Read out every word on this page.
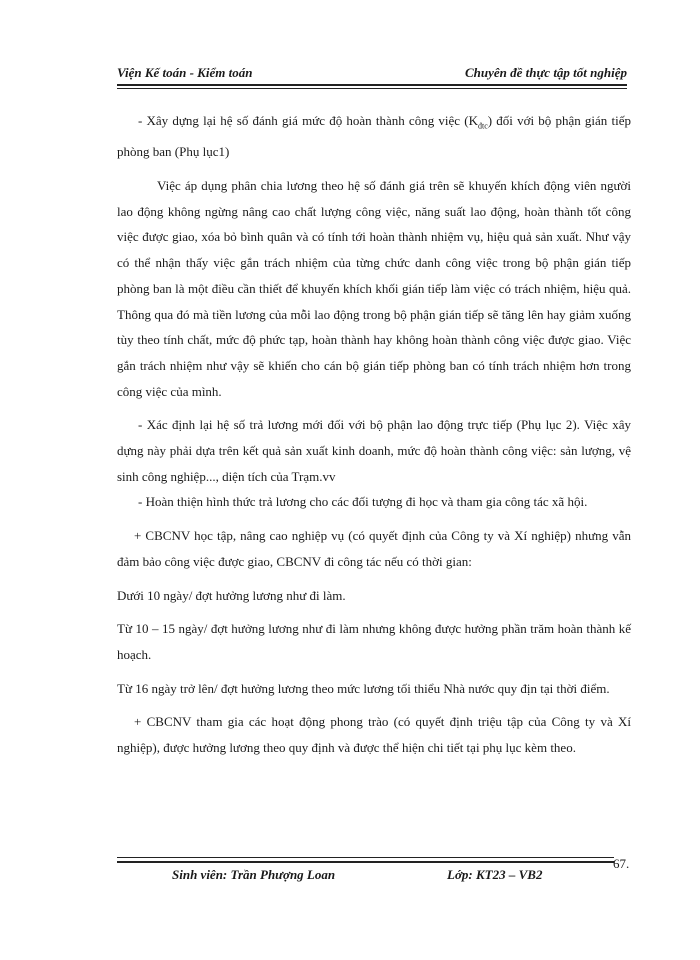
Viện Kế toán - Kiểm toán	Chuyên đề thực tập tốt nghiệp

- Xây dựng lại hệ số đánh giá mức độ hoàn thành công việc $(K_{đtc})$ đối với bộ phận gián tiếp phòng ban (Phụ lục1)

Việc áp dụng phân chia lương theo hệ số đánh giá trên sẽ khuyến khích động viên người lao động không ngừng nâng cao chất lượng công việc, năng suất lao động, hoàn thành tốt công việc được giao, xóa bỏ bình quân và có tính tới hoàn thành nhiệm vụ, hiệu quả sản xuất. Như vậy có thể nhận thấy việc gắn trách nhiệm của từng chức danh công việc trong bộ phận gián tiếp phòng ban là một điều cần thiết để khuyến khích khối gián tiếp làm việc có trách nhiệm, hiệu quả. Thông qua đó mà tiền lương của mỗi lao động trong bộ phận gián tiếp sẽ tăng lên hay giảm xuống tùy theo tính chất, mức độ phức tạp, hoàn thành hay không hoàn thành công việc được giao. Việc gắn trách nhiệm như vậy sẽ khiến cho cán bộ gián tiếp phòng ban có tính trách nhiệm hơn trong công việc của mình.

- Xác định lại hệ số trả lương mới đối với bộ phận lao động trực tiếp (Phụ lục 2). Việc xây dựng này phải dựa trên kết quả sản xuất kinh doanh, mức độ hoàn thành công việc: sản lượng, vệ sinh công nghiệp..., diện tích của Trạm.vv

- Hoàn thiện hình thức trả lương cho các đối tượng đi học và tham gia công tác xã hội.

+ CBCNV học tập, nâng cao nghiệp vụ (có quyết định của Công ty và Xí nghiệp) nhưng vẫn đảm bảo công việc được giao, CBCNV đi công tác nếu có thời gian:

Dưới 10 ngày/ đợt hưởng lương như đi làm.

Từ 10 – 15 ngày/ đợt hưởng lương như đi làm nhưng không được hưởng phần trăm hoàn thành kế hoạch.

Từ 16 ngày trở lên/ đợt hưởng lương theo mức lương tối thiểu Nhà nước quy địn tại thời điểm.

+ CBCNV tham gia các hoạt động phong trào (có quyết định triệu tập của Công ty và Xí nghiệp), được hưởng lương theo quy định và được thể hiện chi tiết tại phụ lục kèm theo.

Sinh viên: Trần Phượng Loan	Lớp: KT23 – VB2
67.
